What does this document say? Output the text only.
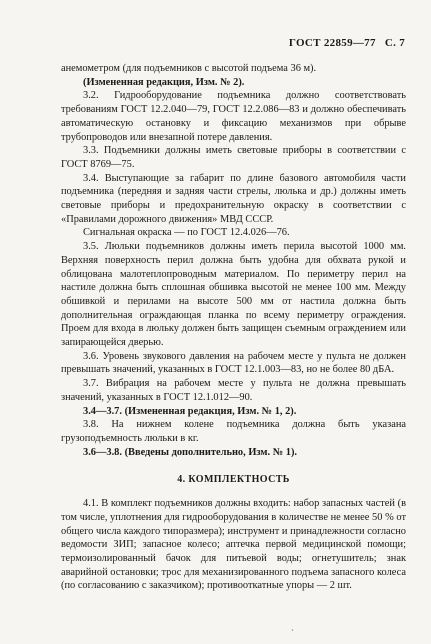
ГОСТ 22859—77 С. 7

анемометром (для подъемников с высотой подъема 36 м).

(Измененная редакция, Изм. № 2).

3.2. Гидрооборудование подъемника должно соответствовать требованиям ГОСТ 12.2.040—79, ГОСТ 12.2.086—83 и должно обеспечивать автоматическую остановку и фиксацию механизмов при обрыве трубопроводов или внезапной потере давления.

3.3. Подъемники должны иметь световые приборы в соответствии с ГОСТ 8769—75.

3.4. Выступающие за габарит по длине базового автомобиля части подъемника (передняя и задняя части стрелы, люлька и др.) должны иметь световые приборы и предохранительную окраску в соответствии с «Правилами дорожного движения» МВД СССР.

Сигнальная окраска — по ГОСТ 12.4.026—76.

3.5. Люльки подъемников должны иметь перила высотой 1000 мм. Верхняя поверхность перил должна быть удобна для обхвата рукой и облицована малотеплопроводным материалом. По периметру перил на настиле должна быть сплошная обшивка высотой не менее 100 мм. Между обшивкой и перилами на высоте 500 мм от настила должна быть дополнительная ограждающая планка по всему периметру ограждения. Проем для входа в люльку должен быть защищен съемным ограждением или запирающейся дверью.

3.6. Уровень звукового давления на рабочем месте у пульта не должен превышать значений, указанных в ГОСТ 12.1.003—83, но не более 80 дБА.

3.7. Вибрация на рабочем месте у пульта не должна превышать значений, указанных в ГОСТ 12.1.012—90.

3.4—3.7. (Измененная редакция, Изм. № 1, 2).

3.8. На нижнем колене подъемника должна быть указана грузоподъемность люльки в кг.

3.6—3.8. (Введены дополнительно, Изм. № 1).

4. КОМПЛЕКТНОСТЬ

4.1. В комплект подъемников должны входить: набор запасных частей (в том числе, уплотнения для гидрооборудования в количестве не менее 50 % от общего числа каждого типоразмера); инструмент и принадлежности согласно ведомости ЗИП; запасное колесо; аптечка первой медицинской помощи; термоизолированный бачок для питьевой воды; огнетушитель; знак аварийной остановки; трос для механизированного подъема запасного колеса (по согласованию с заказчиком); противооткатные упоры — 2 шт.

`
